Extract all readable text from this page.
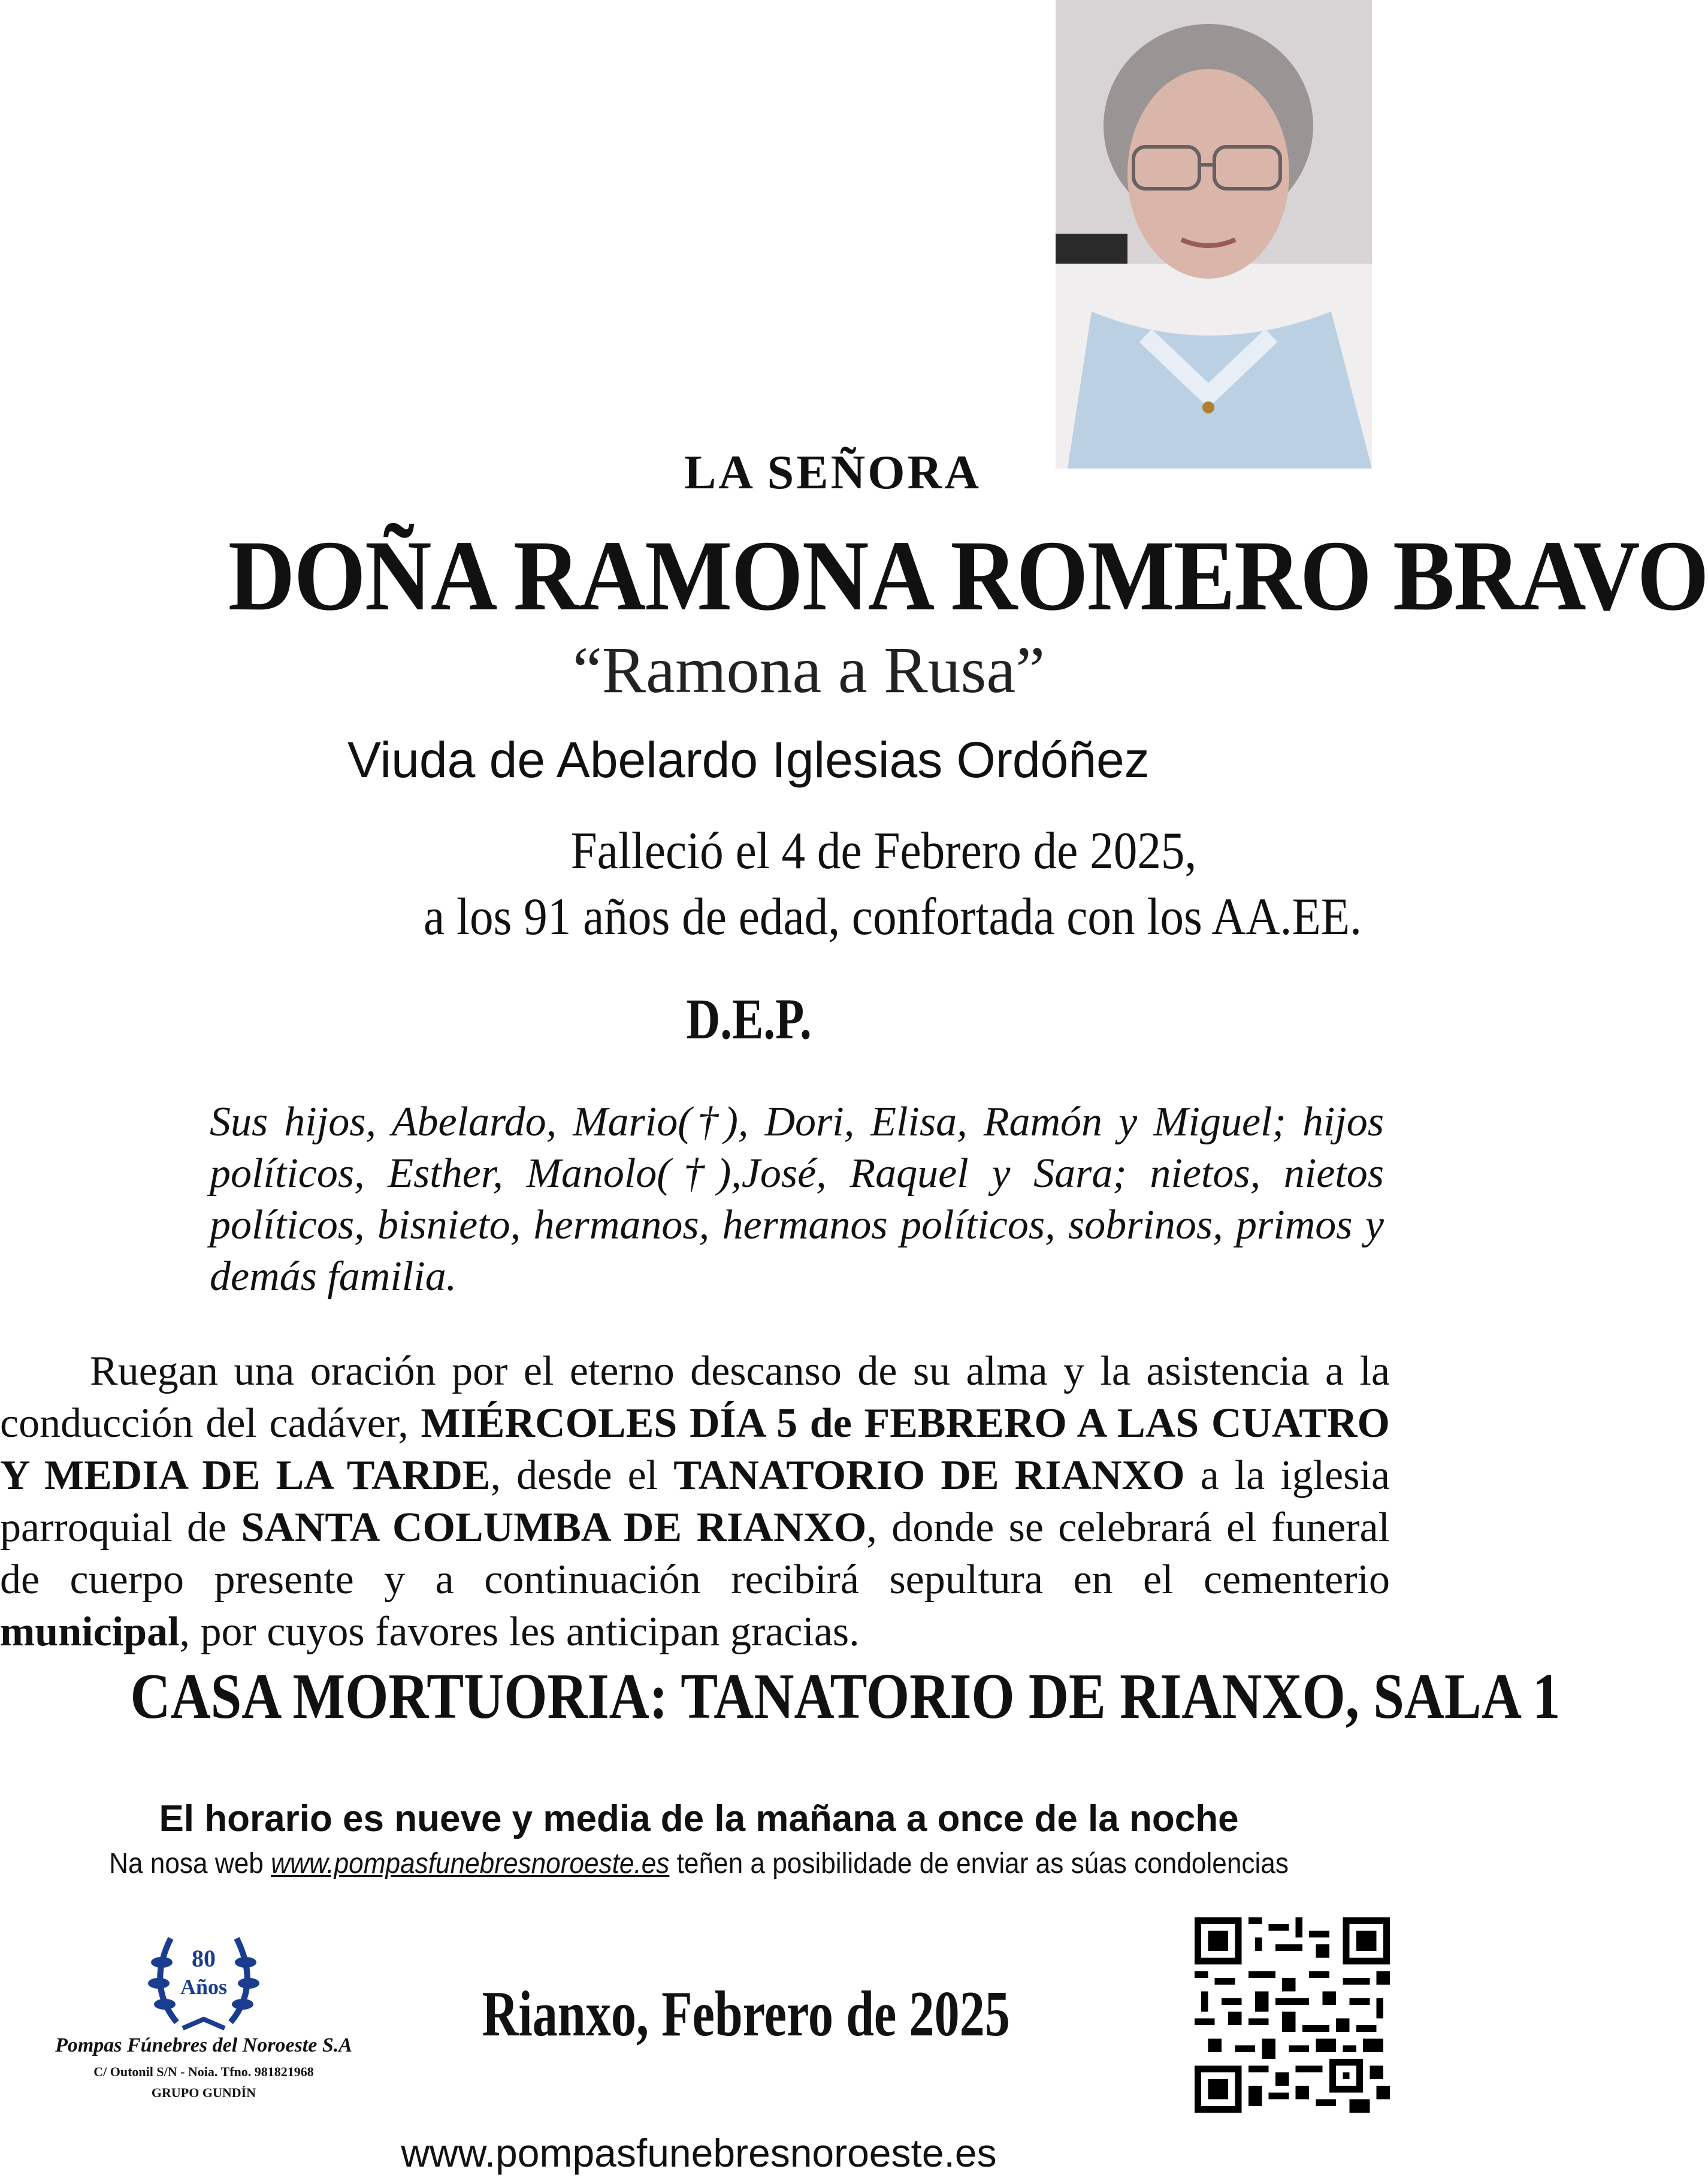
LA SEÑORA
DOÑA RAMONA ROMERO BRAVO
“Ramona a Rusa”
Viuda de Abelardo Iglesias Ordóñez
Falleció el 4 de Febrero de 2025,
a los 91 años de edad, confortada con los AA.EE.
D.E.P.
Sus hijos, Abelardo, Mario(†), Dori, Elisa, Ramón y Miguel; hijos políticos, Esther, Manolo(†),José, Raquel y Sara; nietos, nietos políticos, bisnieto, hermanos, hermanos políticos, sobrinos, primos y demás familia.
Ruegan una oración por el eterno descanso de su alma y la asistencia a la conducción del cadáver, MIÉRCOLES DÍA 5 de FEBRERO A LAS CUATRO Y MEDIA DE LA TARDE, desde el TANATORIO DE RIANXO a la iglesia parroquial de SANTA COLUMBA DE RIANXO, donde se celebrará el funeral de cuerpo presente y a continuación recibirá sepultura en el cementerio municipal, por cuyos favores les anticipan gracias.
CASA MORTUORIA: TANATORIO DE RIANXO, SALA 1
El horario es nueve y media de la mañana a once de la noche
Na nosa web www.pompasfunebresnoroeste.es teñen a posibilidade de enviar as súas condolencias
80
Años
Pompas Fúnebres del Noroeste S.A
C/ Outonil S/N - Noia. Tfno. 981821968
GRUPO GUNDÍN
Rianxo, Febrero de 2025
www.pompasfunebresnoroeste.es
